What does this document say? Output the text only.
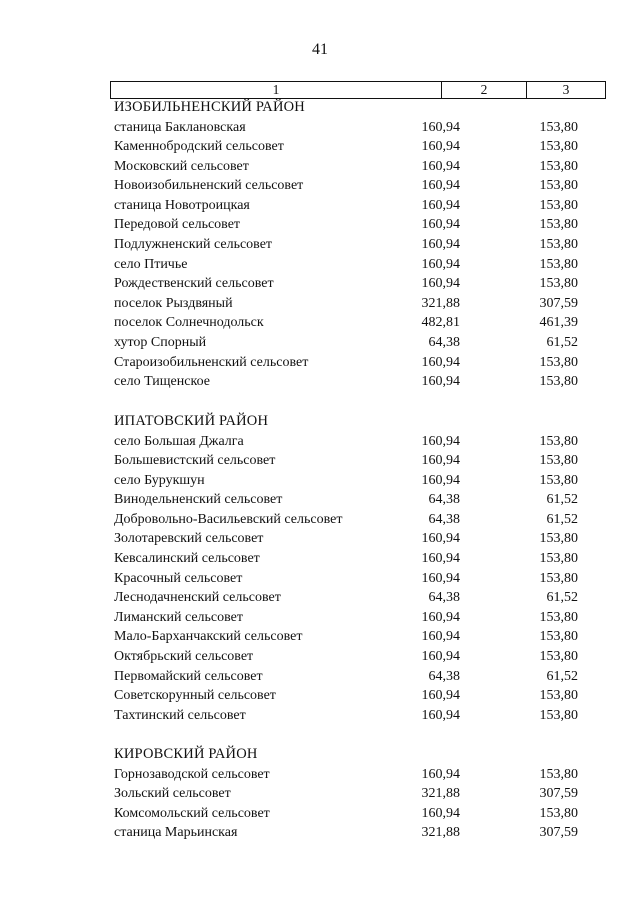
41
1	2	3
ИЗОБИЛЬНЕНСКИЙ РАЙОН
станица Баклановская	160,94	153,80
Каменнобродский сельсовет	160,94	153,80
Московский сельсовет	160,94	153,80
Новоизобильненский сельсовет	160,94	153,80
станица Новотроицкая	160,94	153,80
Передовой сельсовет	160,94	153,80
Подлужненский сельсовет	160,94	153,80
село Птичье	160,94	153,80
Рождественский сельсовет	160,94	153,80
поселок Рыздвяный	321,88	307,59
поселок Солнечнодольск	482,81	461,39
хутор Спорный	64,38	61,52
Староизобильненский сельсовет	160,94	153,80
село Тищенское	160,94	153,80
ИПАТОВСКИЙ РАЙОН
село Большая Джалга	160,94	153,80
Большевистский сельсовет	160,94	153,80
село Бурукшун	160,94	153,80
Винодельненский сельсовет	64,38	61,52
Добровольно-Васильевский сельсовет	64,38	61,52
Золотаревский сельсовет	160,94	153,80
Кевсалинский сельсовет	160,94	153,80
Красочный сельсовет	160,94	153,80
Леснодачненский сельсовет	64,38	61,52
Лиманский сельсовет	160,94	153,80
Мало-Барханчакский сельсовет	160,94	153,80
Октябрьский сельсовет	160,94	153,80
Первомайский сельсовет	64,38	61,52
Советскорунный сельсовет	160,94	153,80
Тахтинский сельсовет	160,94	153,80
КИРОВСКИЙ РАЙОН
Горнозаводской сельсовет	160,94	153,80
Зольский сельсовет	321,88	307,59
Комсомольский сельсовет	160,94	153,80
станица Марьинская	321,88	307,59
